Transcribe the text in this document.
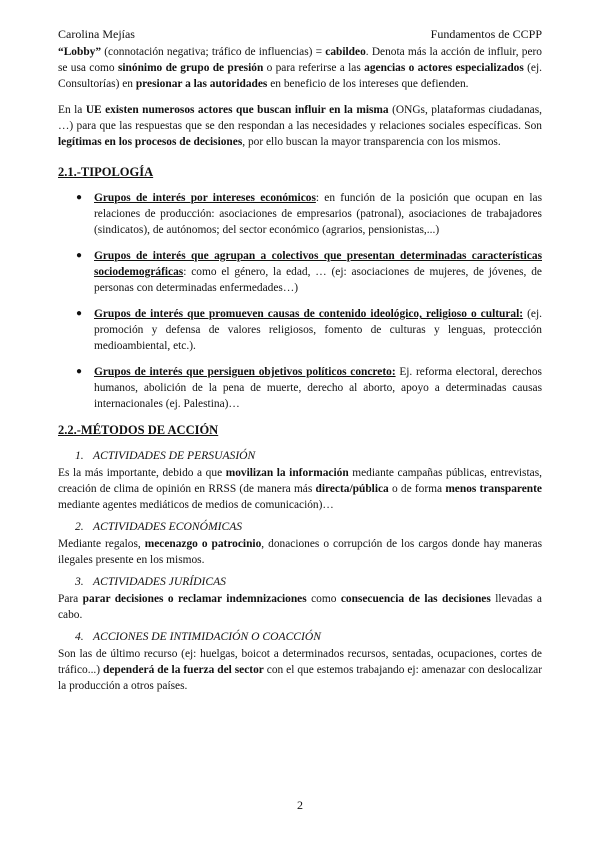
Carolina Mejías	Fundamentos de CCPP

“Lobby” (connotación negativa; tráfico de influencias) = cabildeo. Denota más la acción de influir, pero se usa como sinónimo de grupo de presión o para referirse a las agencias o actores especializados (ej. Consultorías) en presionar a las autoridades en beneficio de los intereses que defienden.

En la UE existen numerosos actores que buscan influir en la misma (ONGs, plataformas ciudadanas, …) para que las respuestas que se den respondan a las necesidades y relaciones sociales específicas. Son legítimas en los procesos de decisiones, por ello buscan la mayor transparencia con los mismos.

2.1.-TIPOLOGÍA
● Grupos de interés por intereses económicos: en función de la posición que ocupan en las relaciones de producción: asociaciones de empresarios (patronal), asociaciones de trabajadores (sindicatos), de autónomos; del sector económico (agrarios, pensionistas,...)
● Grupos de interés que agrupan a colectivos que presentan determinadas características sociodemográficas: como el género, la edad, … (ej: asociaciones de mujeres, de jóvenes, de personas con determinadas enfermedades…)
● Grupos de interés que promueven causas de contenido ideológico, religioso o cultural: (ej. promoción y defensa de valores religiosos, fomento de culturas y lenguas, protección medioambiental, etc.).
● Grupos de interés que persiguen objetivos políticos concreto: Ej. reforma electoral, derechos humanos, abolición de la pena de muerte, derecho al aborto, apoyo a determinadas causas internacionales (ej. Palestina)…
2.2.-MÉTODOS DE ACCIÓN
1. ACTIVIDADES DE PERSUASIÓN

Es la más importante, debido a que movilizan la información mediante campañas públicas, entrevistas, creación de clima de opinión en RRSS (de manera más directa/pública o de forma menos transparente mediante agentes mediáticos de medios de comunicación)…

2. ACTIVIDADES ECONÓMICAS

Mediante regalos, mecenazgo o patrocinio, donaciones o corrupción de los cargos donde hay maneras ilegales presente en los mismos.

3. ACTIVIDADES JURÍDICAS

Para parar decisiones o reclamar indemnizaciones como consecuencia de las decisiones llevadas a cabo.

4. ACCIONES DE INTIMIDACIÓN O COACCIÓN

Son las de último recurso (ej: huelgas, boicot a determinados recursos, sentadas, ocupaciones, cortes de tráfico...) dependerá de la fuerza del sector con el que estemos trabajando ej: amenazar con deslocalizar la producción a otros países.

2
